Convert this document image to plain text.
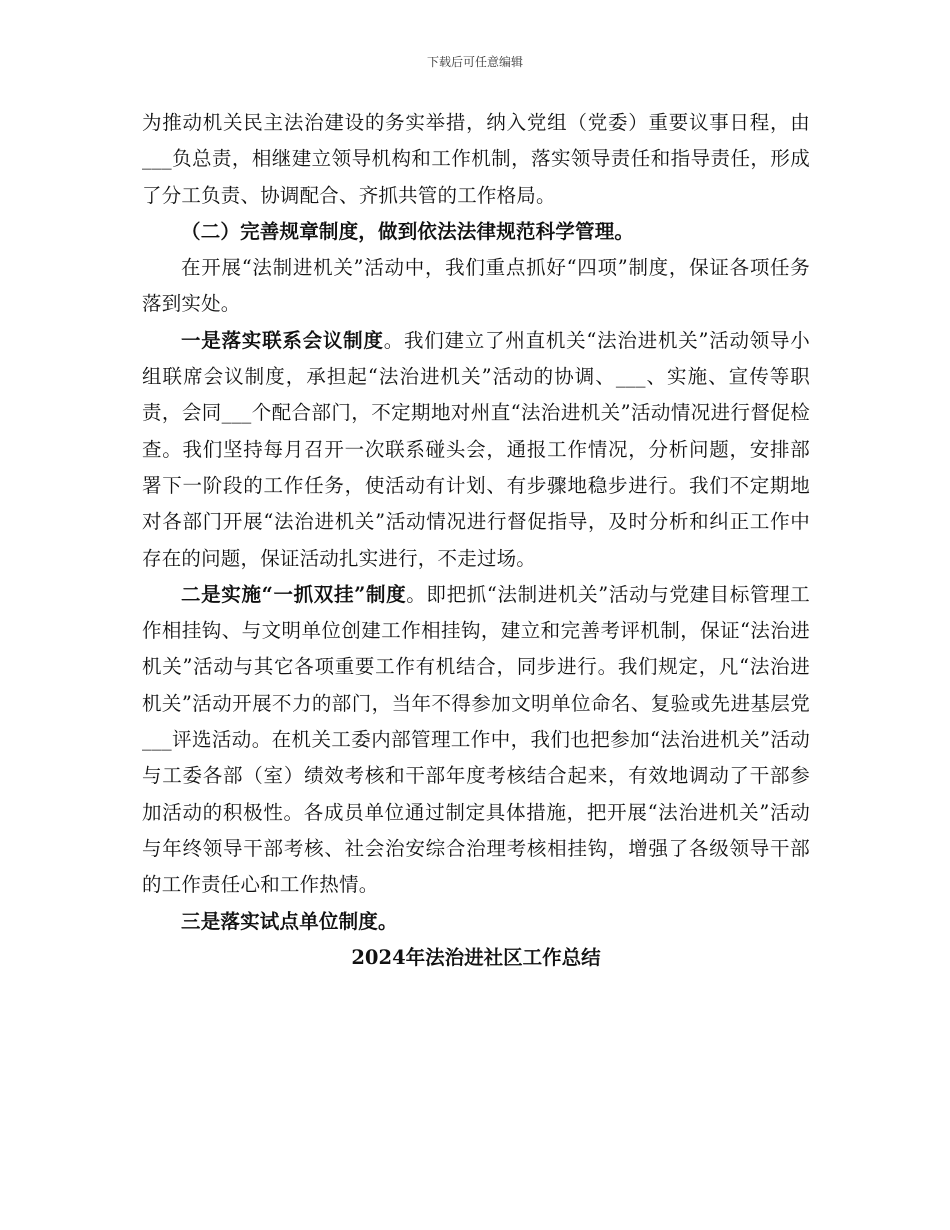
下载后可任意编辑

为推动机关民主法治建设的务实举措，纳入党组（党委）重要议事日程，由___负总责，相继建立领导机构和工作机制，落实领导责任和指导责任，形成了分工负责、协调配合、齐抓共管的工作格局。

（二）完善规章制度，做到依法法律规范科学管理。

在开展“法制进机关”活动中，我们重点抓好“四项”制度，保证各项任务落到实处。

一是落实联系会议制度。我们建立了州直机关“法治进机关”活动领导小组联席会议制度，承担起“法治进机关”活动的协调、___、实施、宣传等职责，会同___个配合部门，不定期地对州直“法治进机关”活动情况进行督促检查。我们坚持每月召开一次联系碰头会，通报工作情况，分析问题，安排部署下一阶段的工作任务，使活动有计划、有步骤地稳步进行。我们不定期地对各部门开展“法治进机关”活动情况进行督促指导，及时分析和纠正工作中存在的问题，保证活动扎实进行，不走过场。

二是实施“一抓双挂”制度。即把抓“法制进机关”活动与党建目标管理工作相挂钩、与文明单位创建工作相挂钩，建立和完善考评机制，保证“法治进机关”活动与其它各项重要工作有机结合，同步进行。我们规定，凡“法治进机关”活动开展不力的部门，当年不得参加文明单位命名、复验或先进基层党___评选活动。在机关工委内部管理工作中，我们也把参加“法治进机关”活动与工委各部（室）绩效考核和干部年度考核结合起来，有效地调动了干部参加活动的积极性。各成员单位通过制定具体措施，把开展“法治进机关”活动与年终领导干部考核、社会治安综合治理考核相挂钩，增强了各级领导干部的工作责任心和工作热情。

三是落实试点单位制度。

2024年法治进社区工作总结
